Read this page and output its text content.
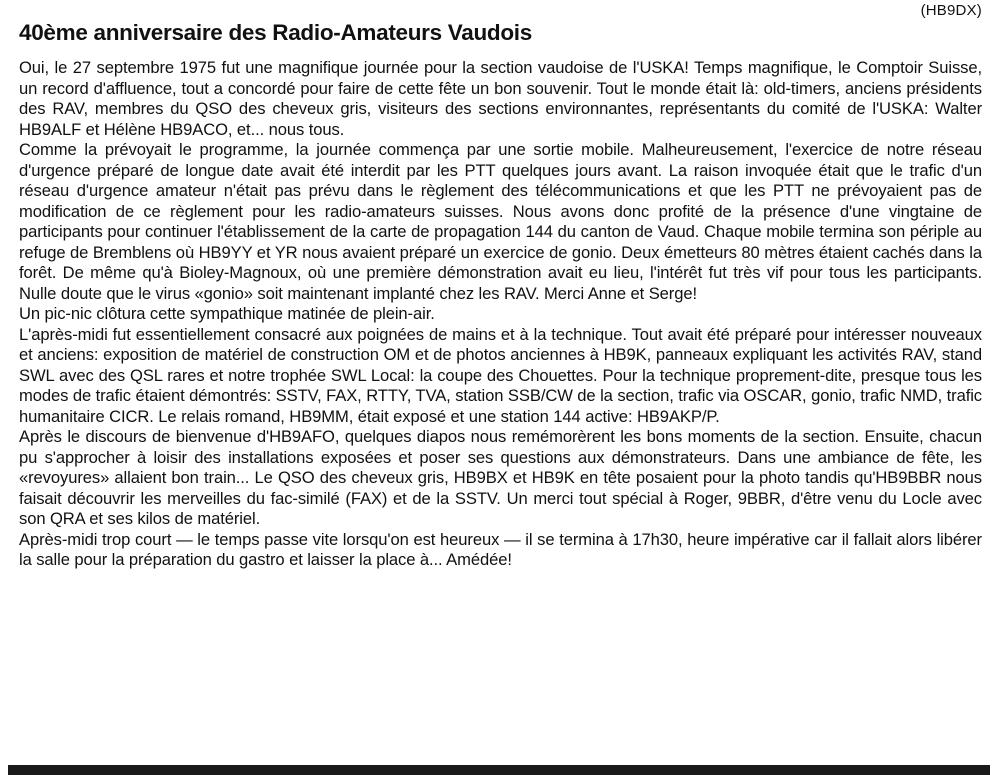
(HB9DX)
40ème anniversaire des Radio-Amateurs Vaudois

Oui, le 27 septembre 1975 fut une magnifique journée pour la section vaudoise de l'USKA! Temps magnifique, le Comptoir Suisse, un record d'affluence, tout a concordé pour faire de cette fête un bon souvenir. Tout le monde était là: old-timers, anciens présidents des RAV, membres du QSO des cheveux gris, visiteurs des sections environnantes, représentants du comité de l'USKA: Walter HB9ALF et Hélène HB9ACO, et... nous tous.

Comme la prévoyait le programme, la journée commença par une sortie mobile. Malheureusement, l'exercice de notre réseau d'urgence préparé de longue date avait été interdit par les PTT quelques jours avant. La raison invoquée était que le trafic d'un réseau d'urgence amateur n'était pas prévu dans le règlement des télécommunications et que les PTT ne prévoyaient pas de modification de ce règlement pour les radio-amateurs suisses. Nous avons donc profité de la présence d'une vingtaine de participants pour continuer l'établissement de la carte de propagation 144 du canton de Vaud. Chaque mobile termina son périple au refuge de Bremblens où HB9YY et YR nous avaient préparé un exercice de gonio. Deux émetteurs 80 mètres étaient cachés dans la forêt. De même qu'à Bioley-Magnoux, où une première démonstration avait eu lieu, l'intérêt fut très vif pour tous les participants. Nulle doute que le virus «gonio» soit maintenant implanté chez les RAV. Merci Anne et Serge!

Un pic-nic clôtura cette sympathique matinée de plein-air.

L'après-midi fut essentiellement consacré aux poignées de mains et à la technique. Tout avait été préparé pour intéresser nouveaux et anciens: exposition de matériel de construction OM et de photos anciennes à HB9K, panneaux expliquant les activités RAV, stand SWL avec des QSL rares et notre trophée SWL Local: la coupe des Chouettes. Pour la technique proprement-dite, presque tous les modes de trafic étaient démontrés: SSTV, FAX, RTTY, TVA, station SSB/CW de la section, trafic via OSCAR, gonio, trafic NMD, trafic humanitaire CICR. Le relais romand, HB9MM, était exposé et une station 144 active: HB9AKP/P.

Après le discours de bienvenue d'HB9AFO, quelques diapos nous remémorèrent les bons moments de la section. Ensuite, chacun pu s'approcher à loisir des installations exposées et poser ses questions aux démonstrateurs. Dans une ambiance de fête, les «revoyures» allaient bon train... Le QSO des cheveux gris, HB9BX et HB9K en tête posaient pour la photo tandis qu'HB9BBR nous faisait découvrir les merveilles du fac-similé (FAX) et de la SSTV. Un merci tout spécial à Roger, 9BBR, d'être venu du Locle avec son QRA et ses kilos de matériel.

Après-midi trop court — le temps passe vite lorsqu'on est heureux — il se termina à 17h30, heure impérative car il fallait alors libérer la salle pour la préparation du gastro et laisser la place à... Amédée!
